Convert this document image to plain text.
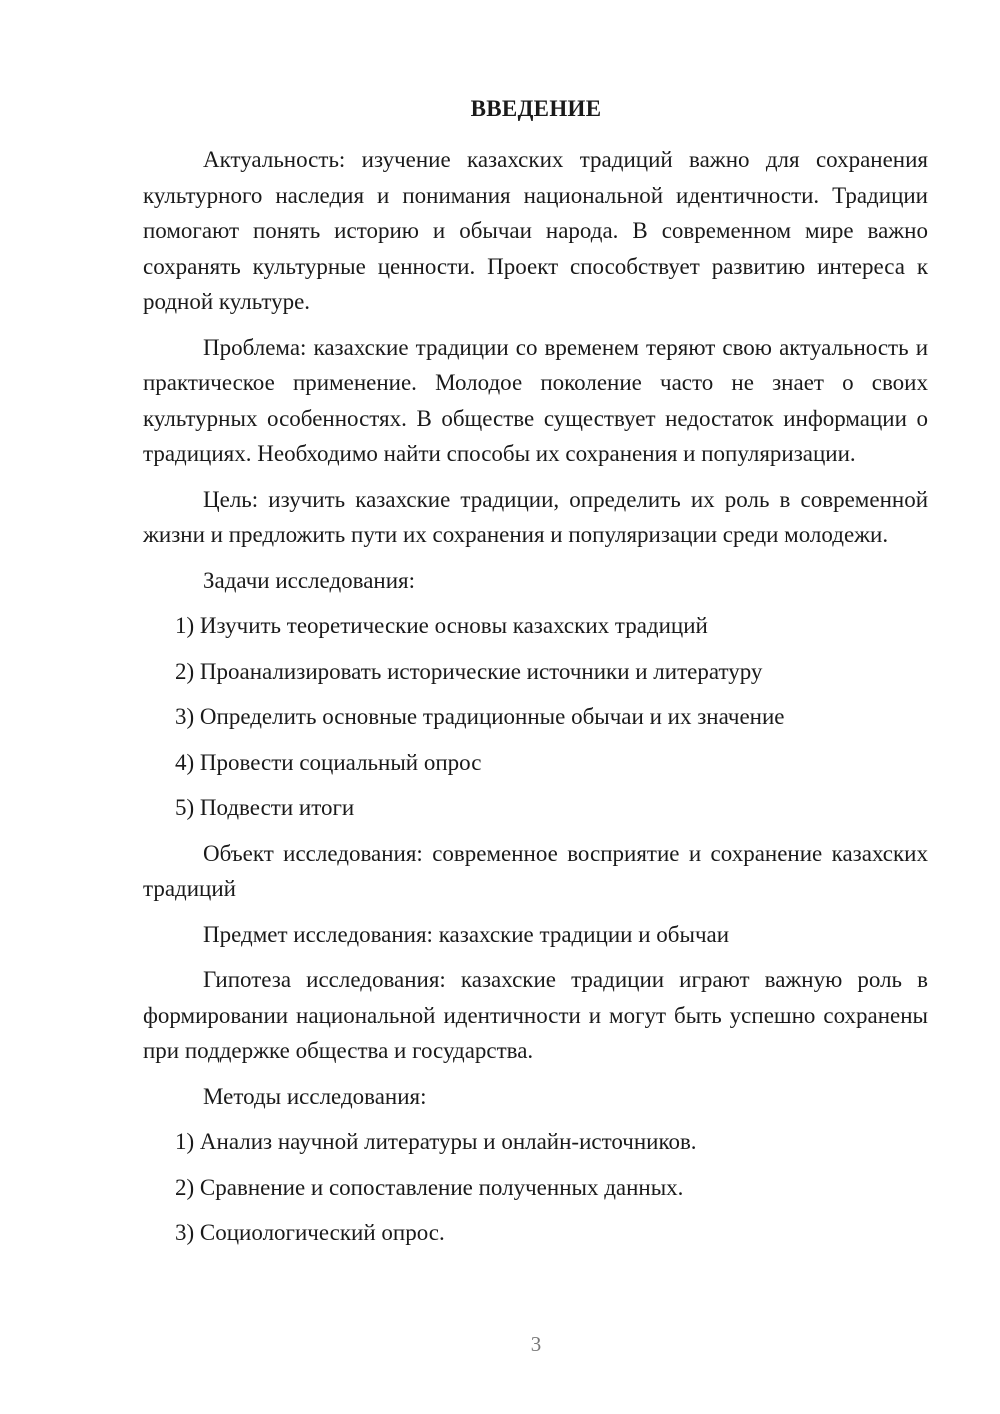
ВВЕДЕНИЕ

Актуальность: изучение казахских традиций важно для сохранения культурного наследия и понимания национальной идентичности. Традиции помогают понять историю и обычаи народа. В современном мире важно сохранять культурные ценности. Проект способствует развитию интереса к родной культуре.

Проблема: казахские традиции со временем теряют свою актуальность и практическое применение. Молодое поколение часто не знает о своих культурных особенностях. В обществе существует недостаток информации о традициях. Необходимо найти способы их сохранения и популяризации.

Цель: изучить казахские традиции, определить их роль в современной жизни и предложить пути их сохранения и популяризации среди молодежи.

Задачи исследования:

1) Изучить теоретические основы казахских традиций
2) Проанализировать исторические источники и литературу
3) Определить основные традиционные обычаи и их значение
4) Провести социальный опрос
5) Подвести итоги

Объект исследования: современное восприятие и сохранение казахских традиций

Предмет исследования: казахские традиции и обычаи

Гипотеза исследования: казахские традиции играют важную роль в формировании национальной идентичности и могут быть успешно сохранены при поддержке общества и государства.

Методы исследования:

1) Анализ научной литературы и онлайн-источников.
2) Сравнение и сопоставление полученных данных.
3) Социологический опрос.
3
